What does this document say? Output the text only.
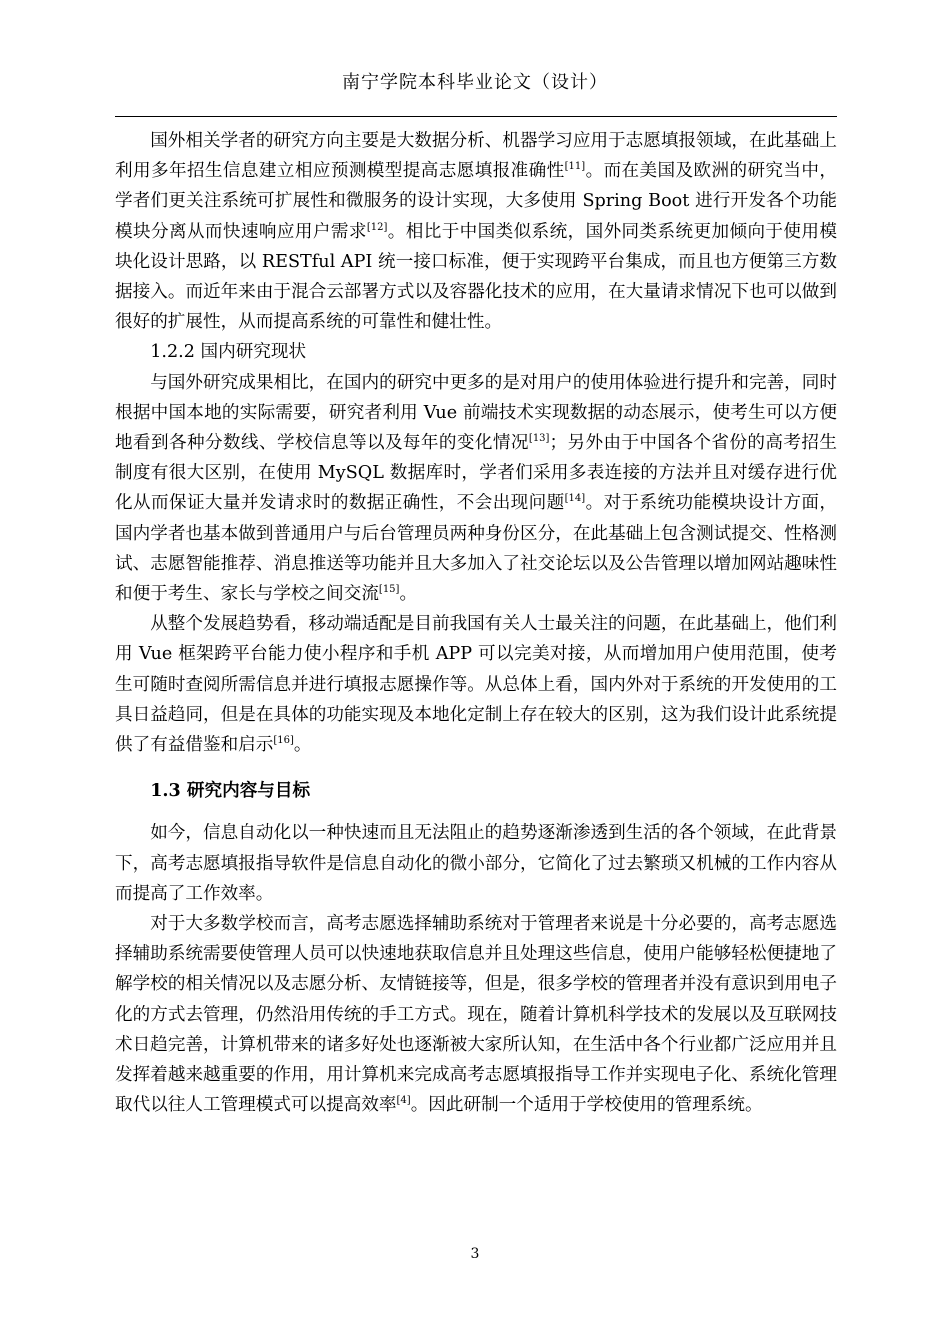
南宁学院本科毕业论文（设计）

国外相关学者的研究方向主要是大数据分析、机器学习应用于志愿填报领域，在此基础上利用多年招生信息建立相应预测模型提高志愿填报准确性[11]。而在美国及欧洲的研究当中，学者们更关注系统可扩展性和微服务的设计实现，大多使用 Spring Boot 进行开发各个功能模块分离从而快速响应用户需求[12]。相比于中国类似系统，国外同类系统更加倾向于使用模块化设计思路，以 RESTful API 统一接口标准，便于实现跨平台集成，而且也方便第三方数据接入。而近年来由于混合云部署方式以及容器化技术的应用，在大量请求情况下也可以做到很好的扩展性，从而提高系统的可靠性和健壮性。

1.2.2 国内研究现状

与国外研究成果相比，在国内的研究中更多的是对用户的使用体验进行提升和完善，同时根据中国本地的实际需要，研究者利用 Vue 前端技术实现数据的动态展示，使考生可以方便地看到各种分数线、学校信息等以及每年的变化情况[13]；另外由于中国各个省份的高考招生制度有很大区别，在使用 MySQL 数据库时，学者们采用多表连接的方法并且对缓存进行优化从而保证大量并发请求时的数据正确性，不会出现问题[14]。对于系统功能模块设计方面，国内学者也基本做到普通用户与后台管理员两种身份区分，在此基础上包含测试提交、性格测试、志愿智能推荐、消息推送等功能并且大多加入了社交论坛以及公告管理以增加网站趣味性和便于考生、家长与学校之间交流[15]。

从整个发展趋势看，移动端适配是目前我国有关人士最关注的问题，在此基础上，他们利用 Vue 框架跨平台能力使小程序和手机 APP 可以完美对接，从而增加用户使用范围，使考生可随时查阅所需信息并进行填报志愿操作等。从总体上看，国内外对于系统的开发使用的工具日益趋同，但是在具体的功能实现及本地化定制上存在较大的区别，这为我们设计此系统提供了有益借鉴和启示[16]。

1.3 研究内容与目标

如今，信息自动化以一种快速而且无法阻止的趋势逐渐渗透到生活的各个领域，在此背景下，高考志愿填报指导软件是信息自动化的微小部分，它简化了过去繁琐又机械的工作内容从而提高了工作效率。

对于大多数学校而言，高考志愿选择辅助系统对于管理者来说是十分必要的，高考志愿选择辅助系统需要使管理人员可以快速地获取信息并且处理这些信息，使用户能够轻松便捷地了解学校的相关情况以及志愿分析、友情链接等，但是，很多学校的管理者并没有意识到用电子化的方式去管理，仍然沿用传统的手工方式。现在，随着计算机科学技术的发展以及互联网技术日趋完善，计算机带来的诸多好处也逐渐被大家所认知，在生活中各个行业都广泛应用并且发挥着越来越重要的作用，用计算机来完成高考志愿填报指导工作并实现电子化、系统化管理取代以往人工管理模式可以提高效率[4]。因此研制一个适用于学校使用的管理系统。

3
